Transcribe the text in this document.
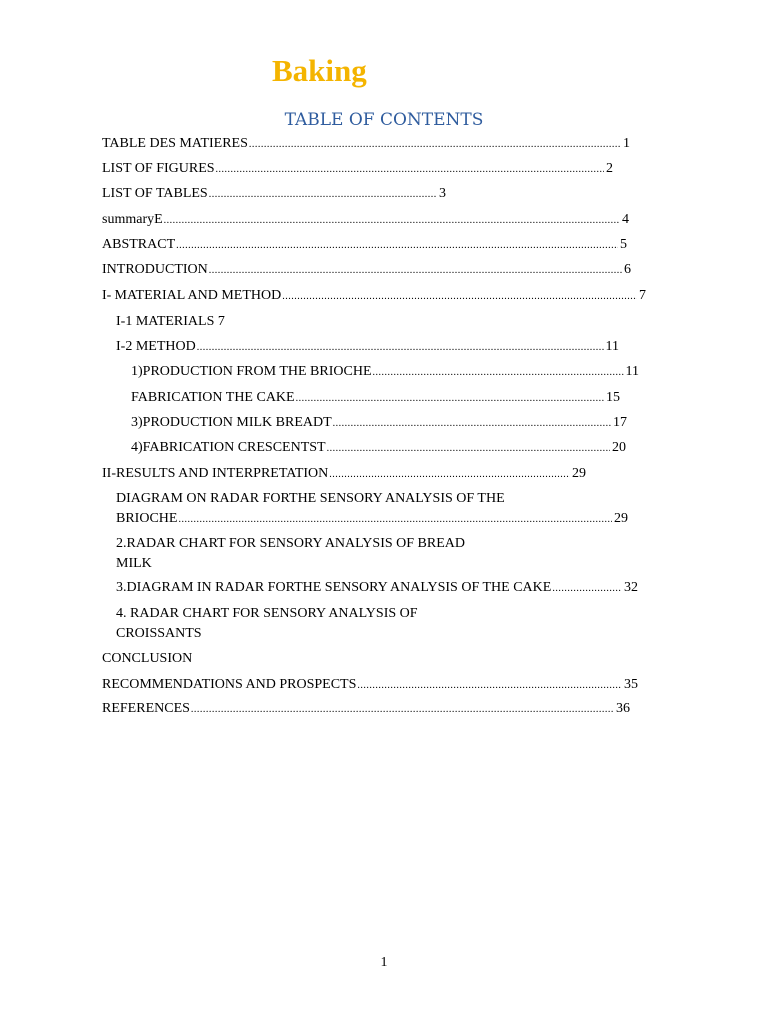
Baking
TABLE OF CONTENTS
TABLE DES MATIERES .....	1
LIST OF FIGURES .....	2
LIST OF TABLES .....	3
summaryE .....	4
ABSTRACT .....	5
INTRODUCTION .....	6
I- MATERIAL AND METHOD .....	7
I-1 MATERIALS 7
I-2 METHOD .....	11
1) PRODUCTION FROM THE BRIOCHE .....	11
FABRICATION THE CAKE .....	15
3) PRODUCTION MILK BREADT .....	17
4) FABRICATION CRESCENTST .....	20
II- RESULTS AND INTERPRETATION .....	29
DIAGRAM ON RADAR FORTHE SENSORY ANALYSIS OF THE
BRIOCHE .....	29
2.RADAR CHART FOR SENSORY ANALYSIS OF BREAD
MILK
3. DIAGRAM IN RADAR FORTHE SENSORY ANALYSIS OF THE CAKE .....	32
4. RADAR CHART FOR SENSORY ANALYSIS OF
CROISSANTS
CONCLUSION
RECOMMENDATIONS AND PROSPECTS .....	35
REFERENCES .....	36
1
